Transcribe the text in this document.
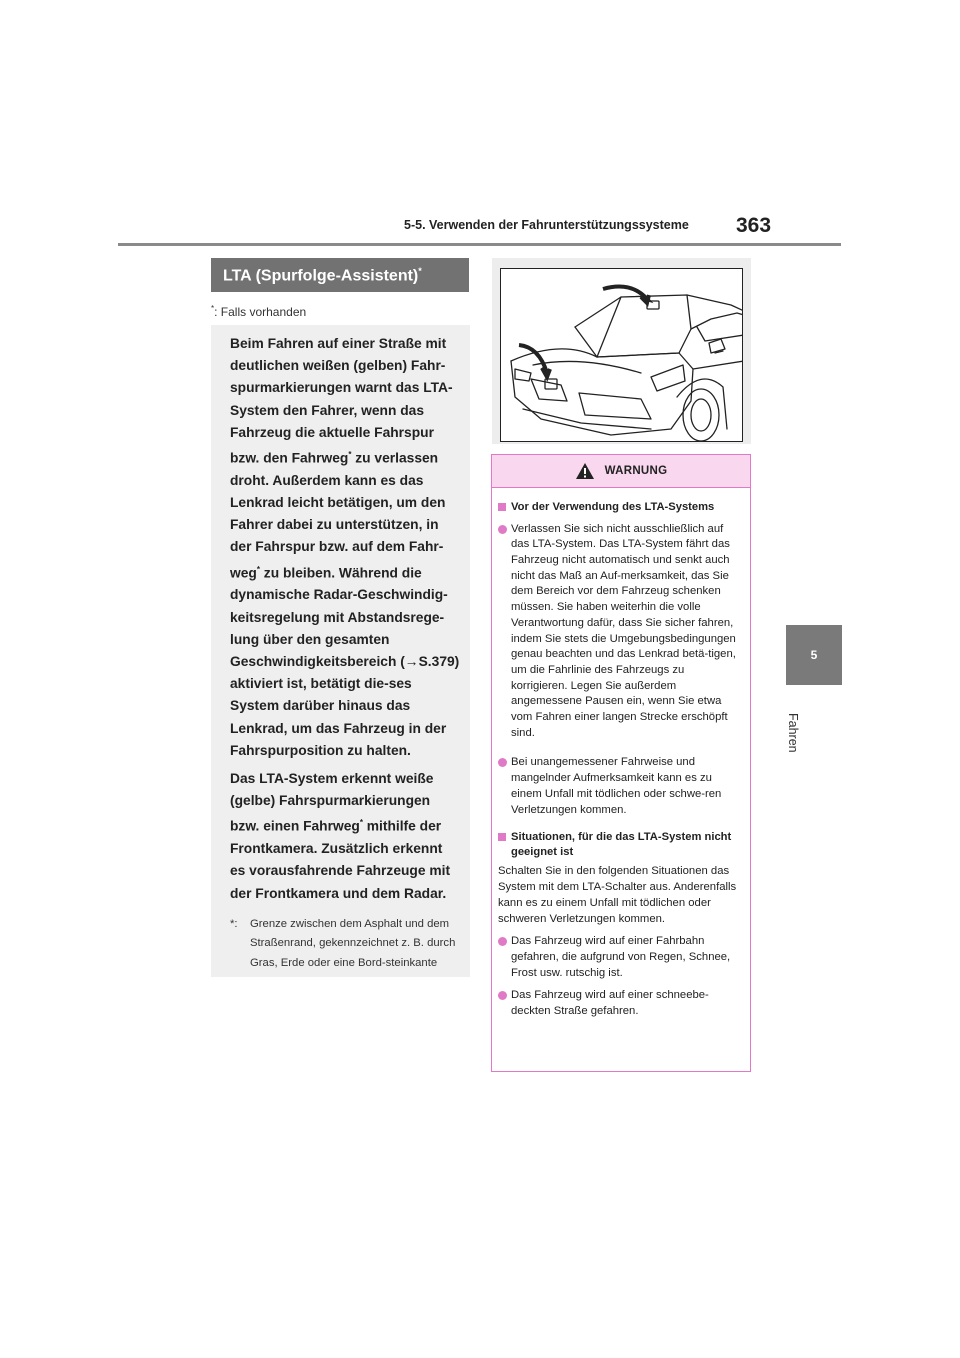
5-5. Verwenden der Fahrunterstützungssysteme 363
5
Fahren
LTA (Spurfolge-Assistent)*
*: Falls vorhanden

Beim Fahren auf einer Straße mit deutlichen weißen (gelben) Fahr-spurmarkierungen warnt das LTA-System den Fahrer, wenn das Fahrzeug die aktuelle Fahrspur bzw. den Fahrweg* zu verlassen droht. Außerdem kann es das Lenkrad leicht betätigen, um den Fahrer dabei zu unterstützen, in der Fahrspur bzw. auf dem Fahr-weg* zu bleiben. Während die dynamische Radar-Geschwindig-keitsregelung mit Abstandsrege-lung über den gesamten Geschwindigkeitsbereich (→S.379) aktiviert ist, betätigt die-ses System darüber hinaus das Lenkrad, um das Fahrzeug in der Fahrspurposition zu halten.

Das LTA-System erkennt weiße (gelbe) Fahrspurmarkierungen bzw. einen Fahrweg* mithilfe der Frontkamera. Zusätzlich erkennt es vorausfahrende Fahrzeuge mit der Frontkamera und dem Radar.

*:	Grenze zwischen dem Asphalt und dem Straßenrand, gekennzeichnet z. B. durch Gras, Erde oder eine Bord-steinkante
WARNUNG
Vor der Verwendung des LTA-Systems
Verlassen Sie sich nicht ausschließlich auf das LTA-System. Das LTA-System fährt das Fahrzeug nicht automatisch und senkt auch nicht das Maß an Auf-merksamkeit, das Sie dem Bereich vor dem Fahrzeug schenken müssen. Sie haben weiterhin die volle Verantwortung dafür, dass Sie sicher fahren, indem Sie stets die Umgebungsbedingungen genau beachten und das Lenkrad betä-tigen, um die Fahrlinie des Fahrzeugs zu korrigieren. Legen Sie außerdem angemessene Pausen ein, wenn Sie etwa vom Fahren einer langen Strecke erschöpft sind.
Bei unangemessener Fahrweise und mangelnder Aufmerksamkeit kann es zu einem Unfall mit tödlichen oder schwe-ren Verletzungen kommen.
Situationen, für die das LTA-System nicht geeignet ist
Schalten Sie in den folgenden Situationen das System mit dem LTA-Schalter aus. Anderenfalls kann es zu einem Unfall mit tödlichen oder schweren Verletzungen kommen.
Das Fahrzeug wird auf einer Fahrbahn gefahren, die aufgrund von Regen, Schnee, Frost usw. rutschig ist.
Das Fahrzeug wird auf einer schneebe-deckten Straße gefahren.
